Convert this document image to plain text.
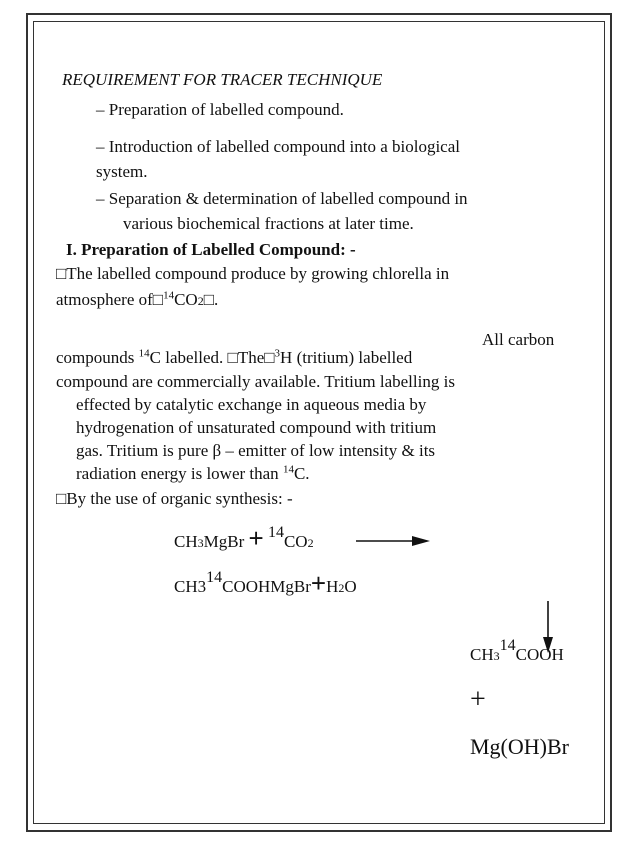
REQUIREMENT FOR TRACER TECHNIQUE
– Preparation of labelled compound.
– Introduction of labelled compound into a biological
system.
– Separation & determination of labelled compound in
various biochemical fractions at later time.
I. Preparation of Labelled Compound: -
□The labelled compound produce by growing chlorella in
atmosphere of□$^{14}$CO2□.
All carbon
compounds $^{14}$C labelled. □The□$^3$H (tritium) labelled
compound are commercially available. Tritium labelling is
effected by catalytic exchange in aqueous media by
hydrogenation of unsaturated compound with tritium
gas. Tritium is pure β – emitter of low intensity & its
radiation energy is lower than $^{14}$C.
□By the use of organic synthesis: -
CH3MgBr + 14CO2
CH314COOHMgBr+H2O
CH314COOH
+
Mg(OH)Br
